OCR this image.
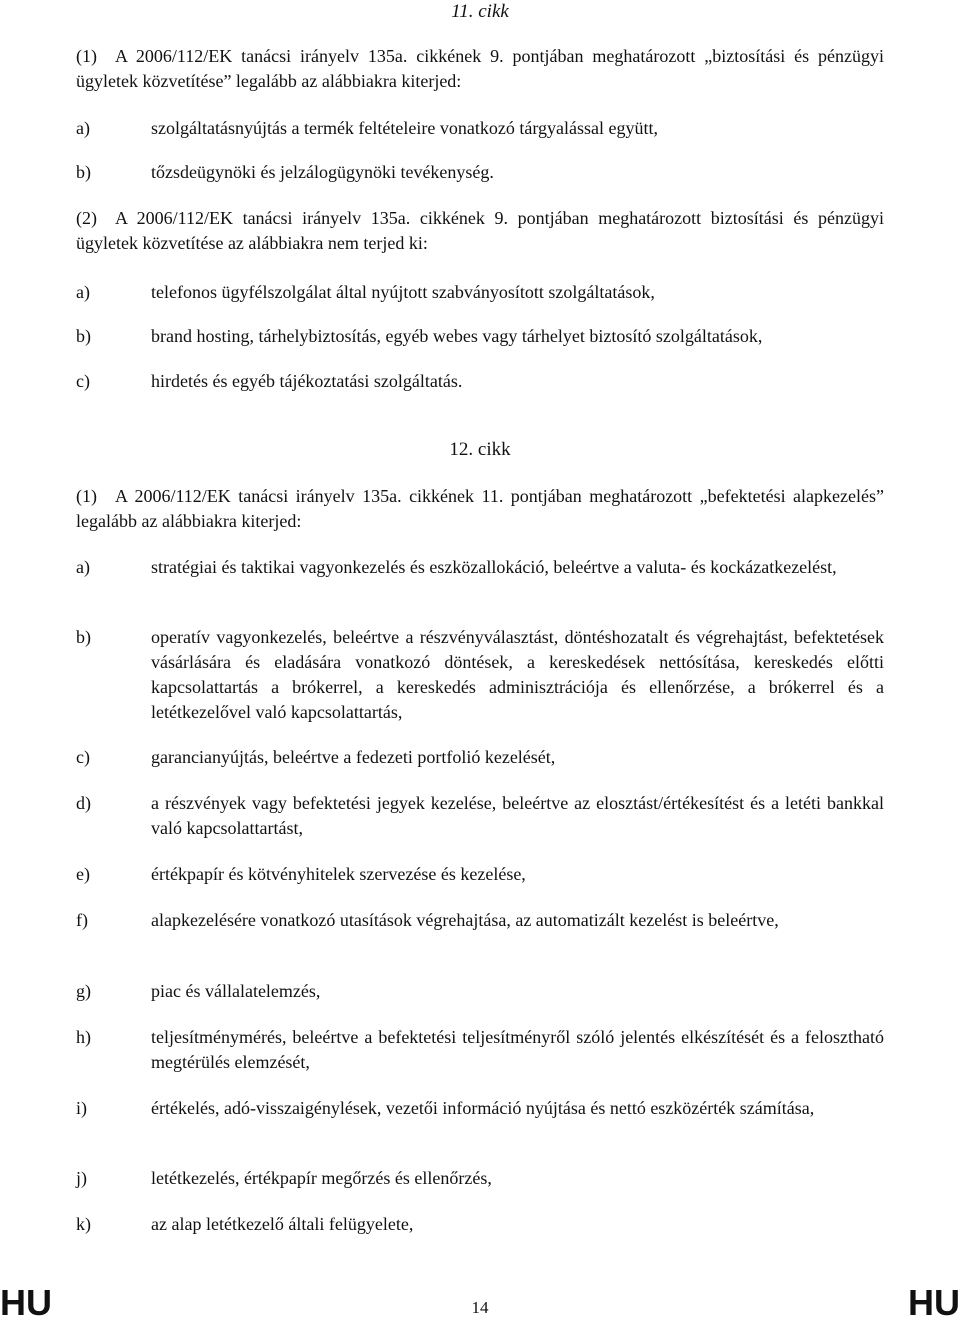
11. cikk
(1) A 2006/112/EK tanácsi irányelv 135a. cikkének 9. pontjában meghatározott „biztosítási és pénzügyi ügyletek közvetítése” legalább az alábbiakra kiterjed:
a)	szolgáltatásnyújtás a termék feltételeire vonatkozó tárgyalással együtt,
b)	tőzsdeügynöki és jelzálogügynöki tevékenység.
(2) A 2006/112/EK tanácsi irányelv 135a. cikkének 9. pontjában meghatározott biztosítási és pénzügyi ügyletek közvetítése az alábbiakra nem terjed ki:
a)	telefonos ügyfélszolgálat által nyújtott szabványosított szolgáltatások,
b)	brand hosting, tárhelybiztosítás, egyéb webes vagy tárhelyet biztosító szolgáltatások,
c)	hirdetés és egyéb tájékoztatási szolgáltatás.
12. cikk
(1) A 2006/112/EK tanácsi irányelv 135a. cikkének 11. pontjában meghatározott „befektetési alapkezelés” legalább az alábbiakra kiterjed:
a)	stratégiai és taktikai vagyonkezelés és eszközallokáció, beleértve a valuta- és kockázatkezelést,
b)	operatív vagyonkezelés, beleértve a részvényválasztást, döntéshozatalt és végrehajtást, befektetések vásárlására és eladására vonatkozó döntések, a kereskedések nettósítása, kereskedés előtti kapcsolattartás a brókerrel, a kereskedés adminisztrációja és ellenőrzése, a brókerrel és a letétkezelővel való kapcsolattartás,
c)	garancianyújtás, beleértve a fedezeti portfolió kezelését,
d)	a részvények vagy befektetési jegyek kezelése, beleértve az elosztást/értékesítést és a letéti bankkal való kapcsolattartást,
e)	értékpapír és kötvényhitelek szervezése és kezelése,
f)	alapkezelésére vonatkozó utasítások végrehajtása, az automatizált kezelést is beleértve,
g)	piac és vállalatelemzés,
h)	teljesítménymérés, beleértve a befektetési teljesítményről szóló jelentés elkészítését és a felosztható megtérülés elemzését,
i)	értékelés, adó-visszaigénylések, vezetői információ nyújtása és nettó eszközérték számítása,
j)	letétkezelés, értékpapír megőrzés és ellenőrzés,
k)	az alap letétkezelő általi felügyelete,
HU	14	HU
